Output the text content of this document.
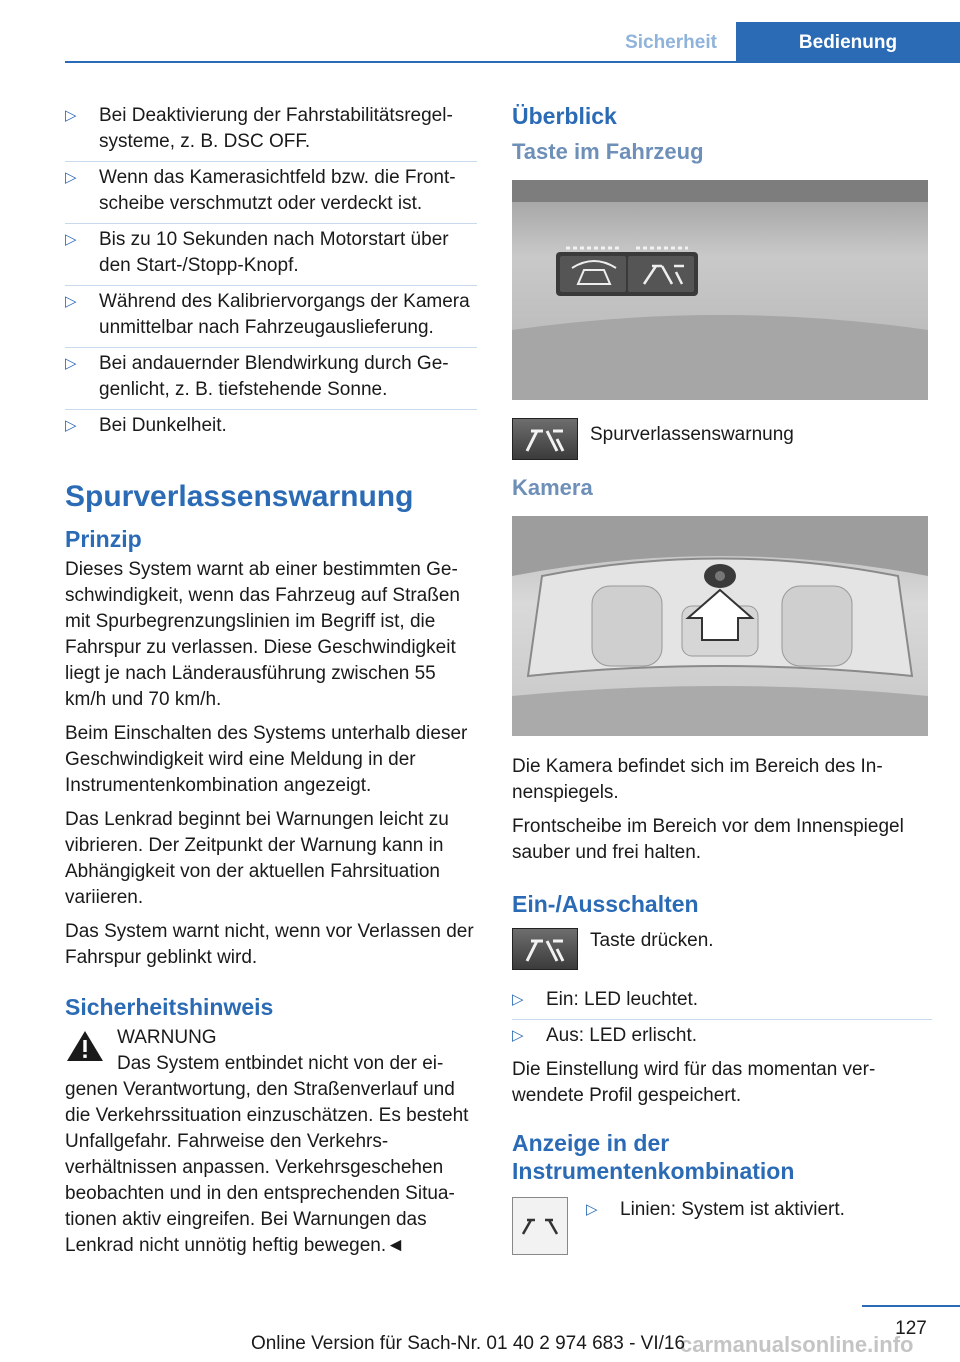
Sicherheit	Bedienung
▷ Bei Deaktivierung der Fahrstabilitätsregelsysteme, z. B. DSC OFF.
▷ Wenn das Kamerasichtfeld bzw. die Frontscheibe verschmutzt oder verdeckt ist.
▷ Bis zu 10 Sekunden nach Motorstart über den Start-/Stopp-Knopf.
▷ Während des Kalibriervorgangs der Kamera unmittelbar nach Fahrzeugauslieferung.
▷ Bei andauernder Blendwirkung durch Gegenlicht, z. B. tiefstehende Sonne.
▷ Bei Dunkelheit.
Spurverlassenswarnung
Prinzip

Dieses System warnt ab einer bestimmten Geschwindigkeit, wenn das Fahrzeug auf Straßen mit Spurbegrenzungslinien im Begriff ist, die Fahrspur zu verlassen. Diese Geschwindigkeit liegt je nach Länderausführung zwischen 55 km/h und 70 km/h.

Beim Einschalten des Systems unterhalb dieser Geschwindigkeit wird eine Meldung in der Instrumentenkombination angezeigt.

Das Lenkrad beginnt bei Warnungen leicht zu vibrieren. Der Zeitpunkt der Warnung kann in Abhängigkeit von der aktuellen Fahrsituation variieren.

Das System warnt nicht, wenn vor Verlassen der Fahrspur geblinkt wird.

Sicherheitshinweis
WARNUNG
Das System entbindet nicht von der eigenen Verantwortung, den Straßenverlauf und die Verkehrssituation einzuschätzen. Es besteht Unfallgefahr. Fahrweise den Verkehrsverhältnissen anpassen. Verkehrsgeschehen beobachten und in den entsprechenden Situationen aktiv eingreifen. Bei Warnungen das Lenkrad nicht unnötig heftig bewegen.◄
Überblick
Taste im Fahrzeug
Spurverlassenswarnung
Kamera

Die Kamera befindet sich im Bereich des Innenspiegels.

Frontscheibe im Bereich vor dem Innenspiegel sauber und frei halten.

Ein-/Ausschalten
Taste drücken.
▷ Ein: LED leuchtet.
▷ Aus: LED erlischt.

Die Einstellung wird für das momentan verwendete Profil gespeichert.

Anzeige in der Instrumentenkombination
▷ Linien: System ist aktiviert.
127
carmanualsonline.info
Online Version für Sach-Nr. 01 40 2 974 683 - VI/16
